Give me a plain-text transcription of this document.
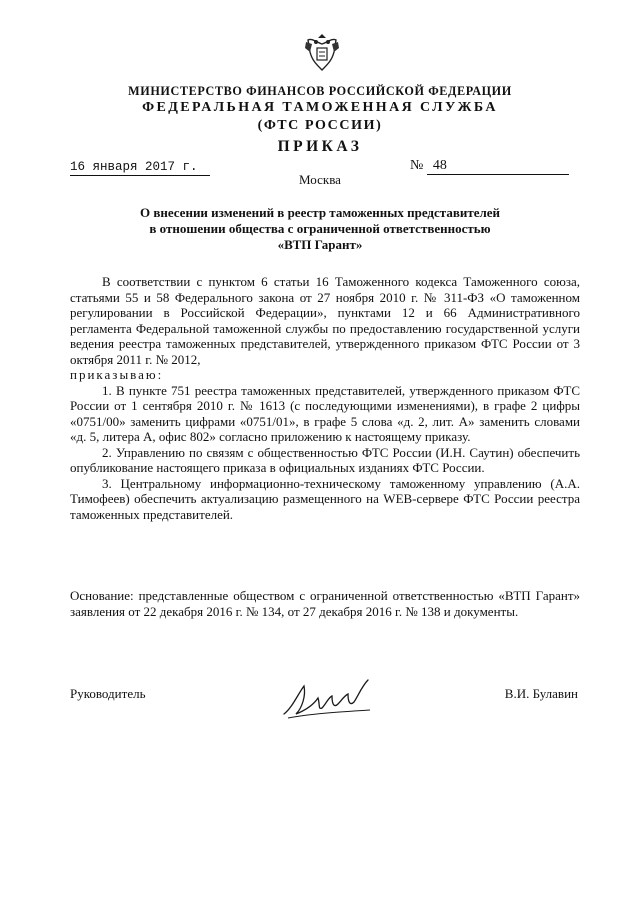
МИНИСТЕРСТВО ФИНАНСОВ РОССИЙСКОЙ ФЕДЕРАЦИИ
ФЕДЕРАЛЬНАЯ ТАМОЖЕННАЯ СЛУЖБА
(ФТС РОССИИ)
ПРИКАЗ
16 января 2017 г.	№ 48
Москва
О внесении изменений в реестр таможенных представителей
в отношении общества с ограниченной ответственностью
«ВТП Гарант»

В соответствии с пунктом 6 статьи 16 Таможенного кодекса Таможенного союза, статьями 55 и 58 Федерального закона от 27 ноября 2010 г. № 311-ФЗ «О таможенном регулировании в Российской Федерации», пунктами 12 и 66 Административного регламента Федеральной таможенной службы по предоставлению государственной услуги ведения реестра таможенных представителей, утвержденного приказом ФТС России от 3 октября 2011 г. № 2012,

приказываю:

1. В пункте 751 реестра таможенных представителей, утвержденного приказом ФТС России от 1 сентября 2010 г. № 1613 (с последующими изменениями), в графе 2 цифры «0751/00» заменить цифрами «0751/01», в графе 5 слова «д. 2, лит. А» заменить словами «д. 5, литера А, офис 802» согласно приложению к настоящему приказу.

2. Управлению по связям с общественностью ФТС России (И.Н. Саутин) обеспечить опубликование настоящего приказа в официальных изданиях ФТС России.

3. Центральному информационно-техническому таможенному управлению (А.А. Тимофеев) обеспечить актуализацию размещенного на WEB-сервере ФТС России реестра таможенных представителей.

Основание: представленные обществом с ограниченной ответственностью «ВТП Гарант» заявления от 22 декабря 2016 г. № 134, от 27 декабря 2016 г. № 138 и документы.
Руководитель	В.И. Булавин
